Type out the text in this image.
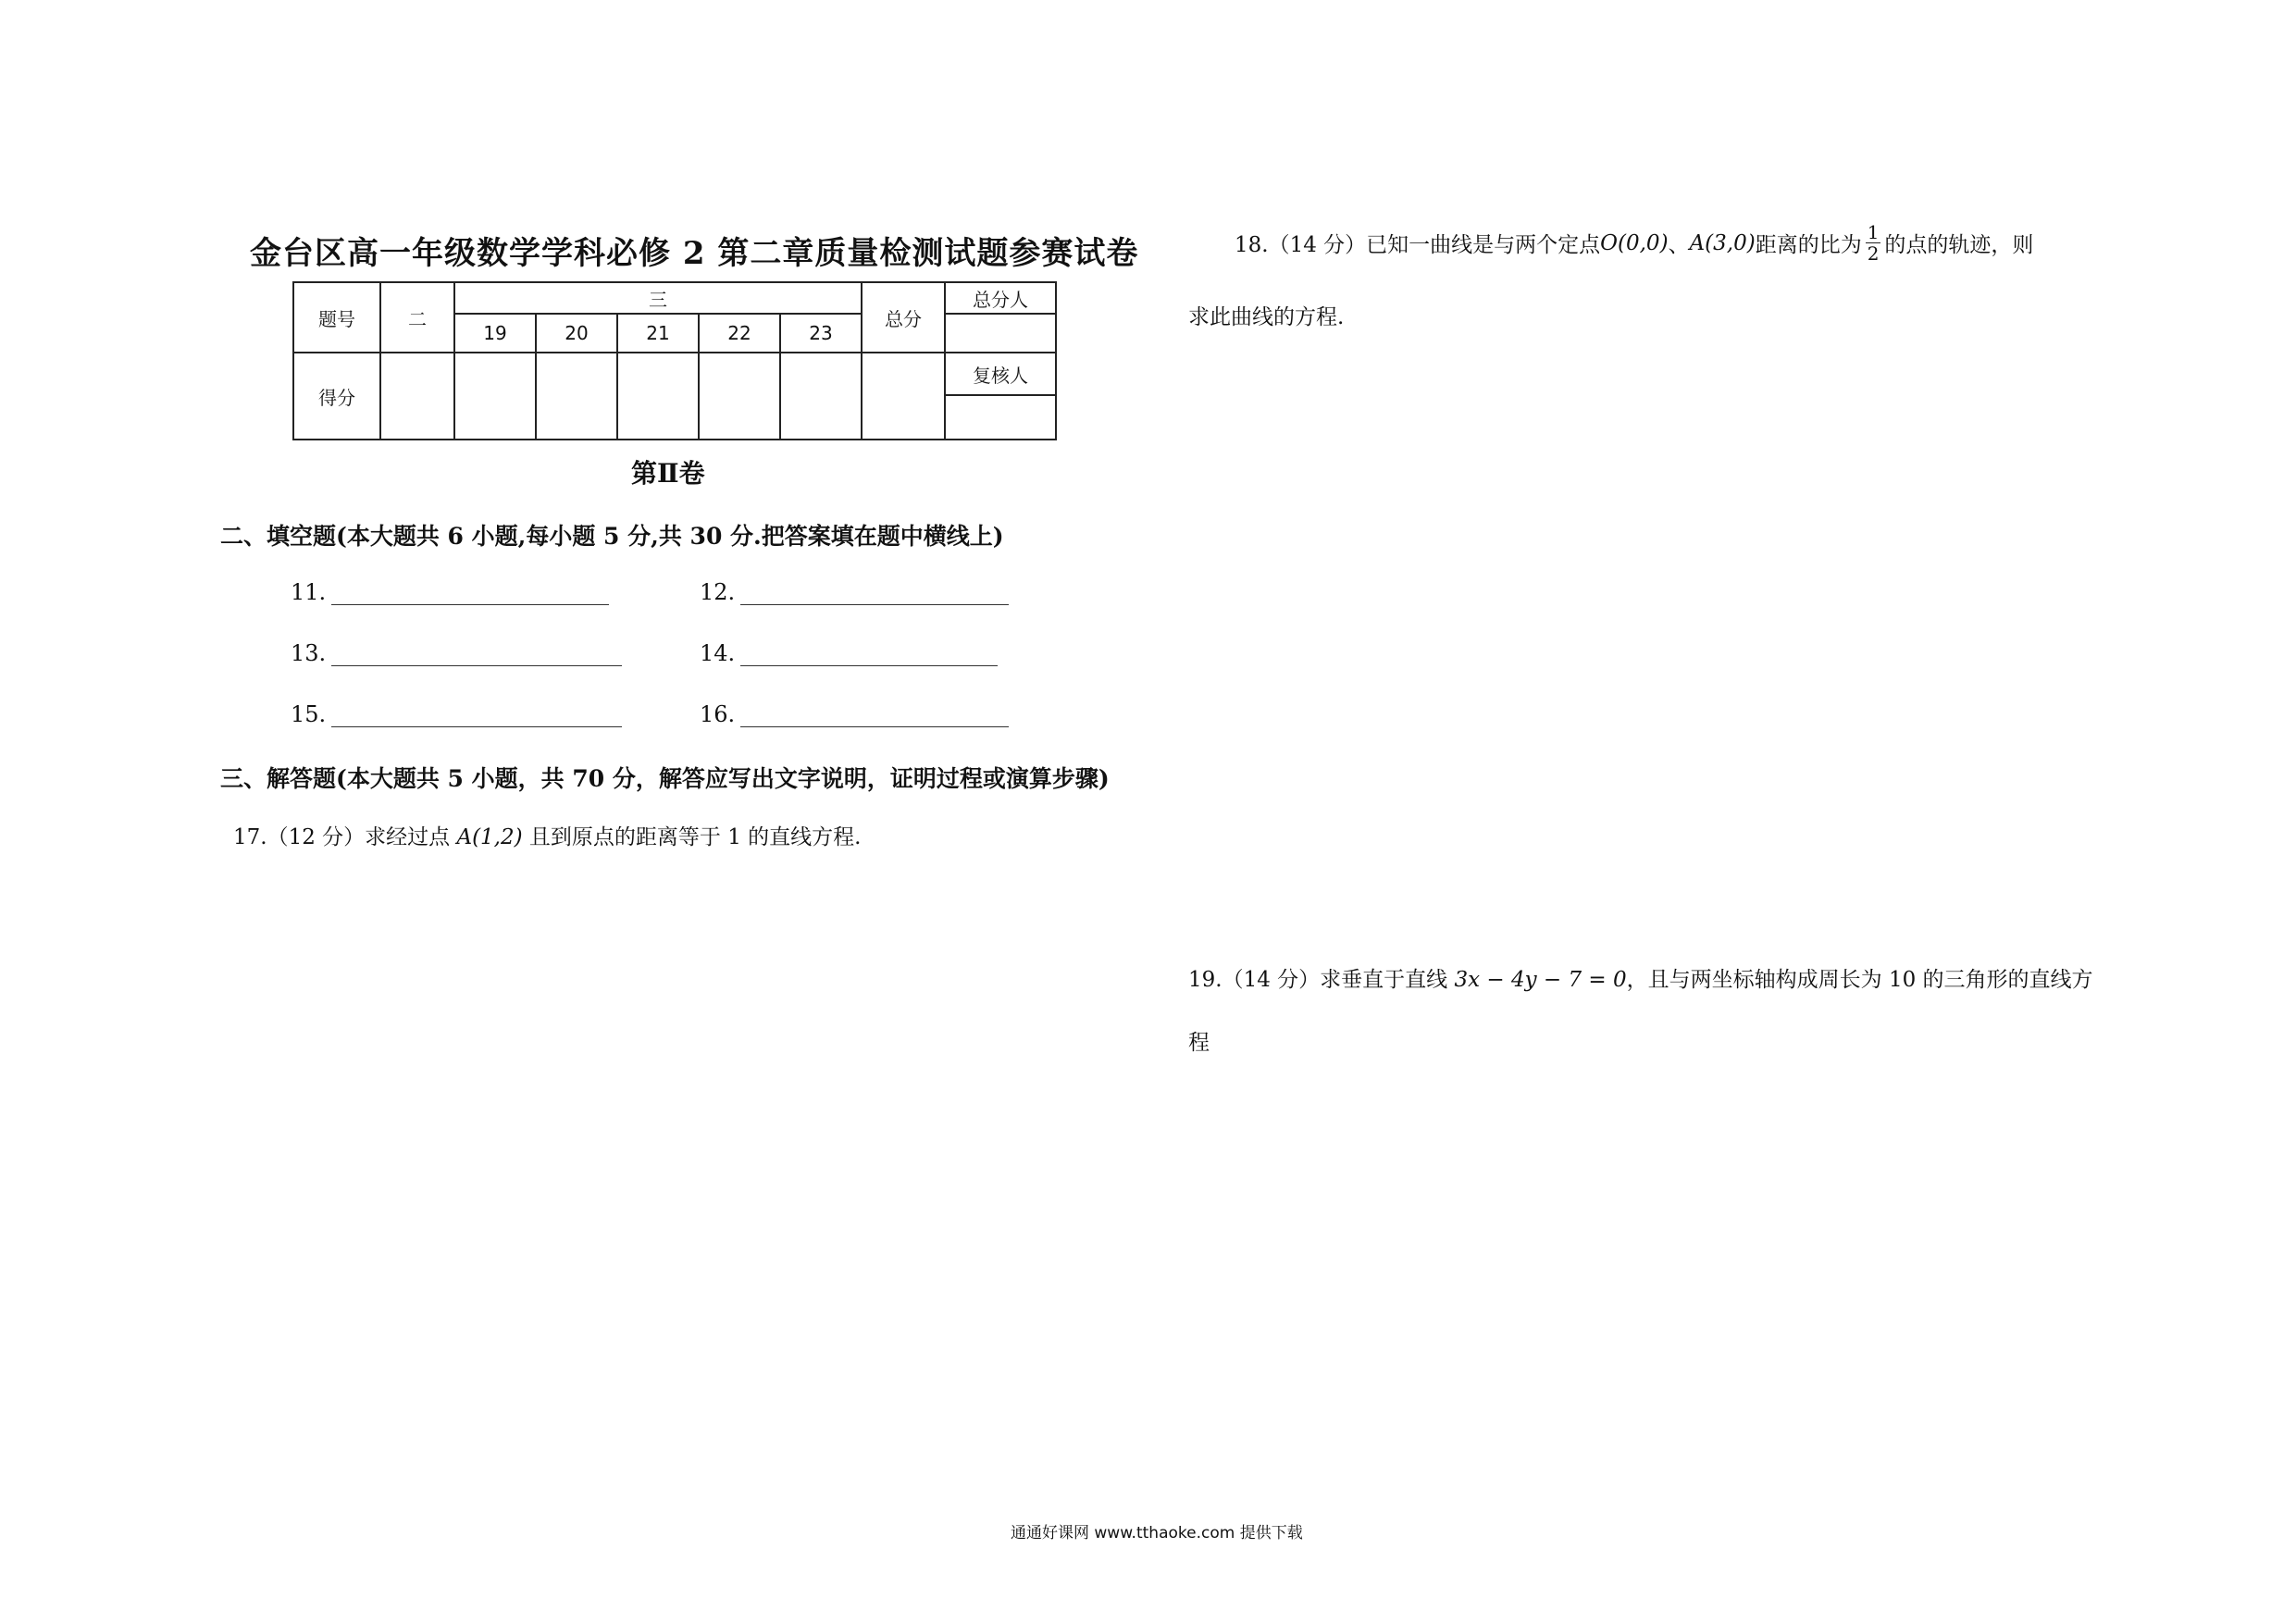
金台区高一年级数学学科必修 2 第二章质量检测试题参赛试卷
题号	二	三					总分	总分人
		19	20	21	22	23		
得分								复核人

第Ⅱ卷
二、填空题(本大题共 6 小题,每小题 5 分,共 30 分.把答案填在题中横线上)
11.	12.
13.	14.
15.	16.
三、解答题(本大题共 5 小题，共 70 分，解答应写出文字说明，证明过程或演算步骤)
17.（12 分）求经过点 A(1,2) 且到原点的距离等于 1 的直线方程.
18.（14 分）已知一曲线是与两个定点 O(0,0) 、 A(3,0) 距离的比为 $\frac{1}{2}$ 的点的轨迹，则
求此曲线的方程.
19.（14 分）求垂直于直线 3x − 4y − 7 = 0，且与两坐标轴构成周长为 10 的三角形的直线方
程
通通好课网 www.tthaoke.com 提供下载
